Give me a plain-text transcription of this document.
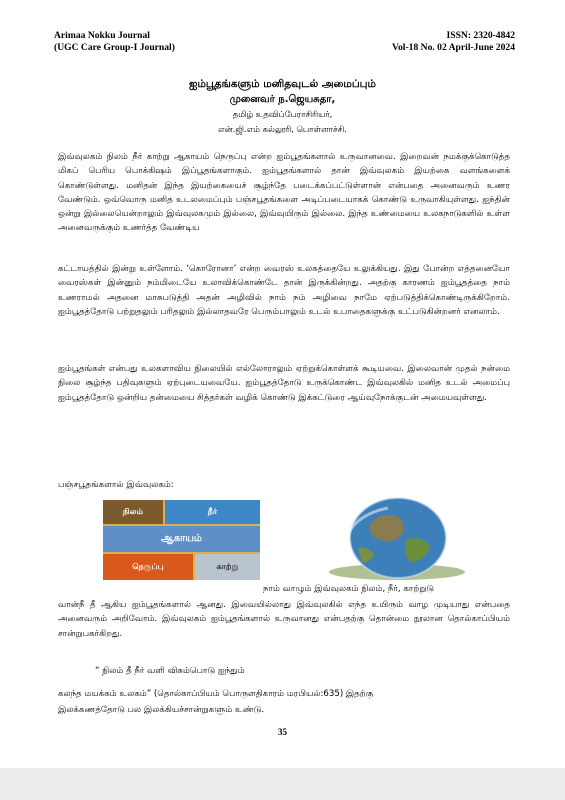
Arimaa Nokku Journal
(UGC Care Group-I Journal)
ISSN: 2320-4842
Vol-18 No. 02 April-June 2024
ஐம்பூதங்களும் மனிதவுடல் அமைப்பும்
முனைவர் ந.ஜெயசுதா,
தமிழ் உதவிப்பேராசிரியர்,
என்.ஜி.எம் கல்லூரி, பொள்ளாச்சி.
இவ்வுலகம் நிலம் நீர் காற்று ஆகாயம் நெருப்பு என்ற ஐம்பூதங்களால் உருவானவை. இறைவன் நமக்குக்கொடுத்த மிகப் பெரிய பொக்கிஷம் இப்பூதங்களாகும். ஐம்பூதங்களால் தான் இவ்வுலகம் இயற்கை வளங்களைக் கொண்டுள்ளது. மனிதன் இந்த இயற்கையைச் சூழ்ந்தே படைக்கப்பட்டுள்ளான் என்பதை அனைவரும் உணர வேண்டும். ஒவ்வொரு மனித உடலமைப்பும் பஞ்சபூதங்களை அடிப்படையாகக் கொண்டு உருவாகியுள்ளது. ஐந்தின் ஒன்று இல்லையென்றாலும் இவ்வுலகமும் இல்லை, இவ்வுயிரும் இல்லை. இந்த உண்மையை உலகநாடுகளில் உள்ள அனைவருக்கும் உணர்த்த வேண்டிய
கட்டாயத்தில் இன்று உள்ளோம். ‘கொரோனா’ என்ற வைரஸ் உலகத்தையே உலுக்கியது. இது போன்ற எத்தனையோ வைரஸ்கள் இன்னும் நம்மிடையே உலாவிக்கொண்டே தான் இருக்கின்றது. அதற்கு காரணம் ஐம்பூதத்தை நாம் உணராமல் அதனை மாசுபடுத்தி அதன் அழிவில் நாம் நம் அழிவை நாமே ஏற்படுத்திக்கொண்டிருக்கிறோம். ஐம்பூதத்தோடு பற்றுதலும் பரிதலும் இல்லாதவரே பெரும்பாலும் உடல் உபாதைகளுக்கு உட்படுகின்றனர் எனலாம்.
ஐம்பூதங்கள் என்பது உலகளாவிய நிலையில் எல்லோராலும் ஏற்றுக்கொள்ளக் கூடியவை. இலைவான் முதல் நன்மை நிலை சூழ்ந்த பதிவுகளும் ஏற்புடையவையே. ஐம்பூதத்தோடு உருக்கொண்ட இவ்வுலகில் மனித உடல் அமைப்பு ஐம்பூதத்தோடு ஒன்றிய தன்மையை சித்தர்கள் வழிக் கொண்டு இக்கட்டுரை ஆய்வுநோக்குடன் அமையவுள்ளது.
பஞ்சபூதங்களால் இவ்வுலகம்:
நிலம்	நீர்
ஆகாயம்
நெருப்பு	காற்று
நாம் வாழும் இவ்வுலகம் நிலம், நீர், காற்றுடு
வான்நீ தீ ஆகிய ஐம்பூதங்களால் ஆனது. இவையில்லாது இவ்வுலகில் எந்த உயிரும் வாழ முடியாது என்பதை அனைவரும் அறிவோம். இவ்வுலகம் ஐம்பூதங்களால் உருவானது என்பதற்கு தொன்மை நூலான தொல்காப்பியம் சான்றுபகர்கிறது.
“ நிலம் தீ நீர் வளி விசும்பொடு ஐந்தும்
கலந்த மயக்கம் உலகம்” (தொல்காப்பியம் பொருளதிகாரம் மரபியல்:635) இதற்கு
இலக்கணத்தோடு பல இலக்கியச்சான்றுகளும் உண்டு.
35
